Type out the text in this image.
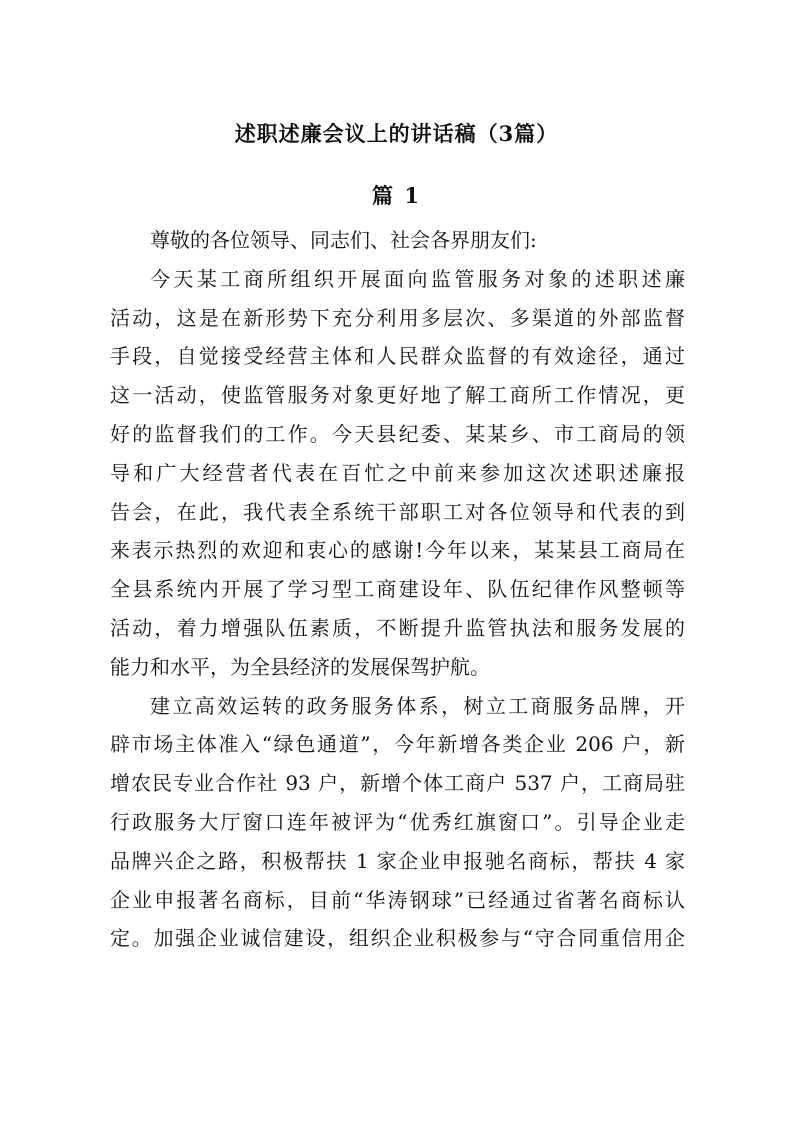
述职述廉会议上的讲话稿（3篇）
篇 1
尊敬的各位领导、同志们、社会各界朋友们:
今天某工商所组织开展面向监管服务对象的述职述廉
活动，这是在新形势下充分利用多层次、多渠道的外部监督
手段，自觉接受经营主体和人民群众监督的有效途径，通过
这一活动，使监管服务对象更好地了解工商所工作情况，更
好的监督我们的工作。今天县纪委、某某乡、市工商局的领
导和广大经营者代表在百忙之中前来参加这次述职述廉报
告会，在此，我代表全系统干部职工对各位领导和代表的到
来表示热烈的欢迎和衷心的感谢!今年以来，某某县工商局在
全县系统内开展了学习型工商建设年、队伍纪律作风整顿等
活动，着力增强队伍素质，不断提升监管执法和服务发展的
能力和水平，为全县经济的发展保驾护航。
建立高效运转的政务服务体系，树立工商服务品牌，开
辟市场主体准入“绿色通道”，今年新增各类企业 206 户，新
增农民专业合作社 93 户，新增个体工商户 537 户，工商局驻
行政服务大厅窗口连年被评为“优秀红旗窗口”。引导企业走
品牌兴企之路，积极帮扶 1 家企业申报驰名商标，帮扶 4 家
企业申报著名商标，目前“华涛钢球”已经通过省著名商标认
定。加强企业诚信建设，组织企业积极参与“守合同重信用企
